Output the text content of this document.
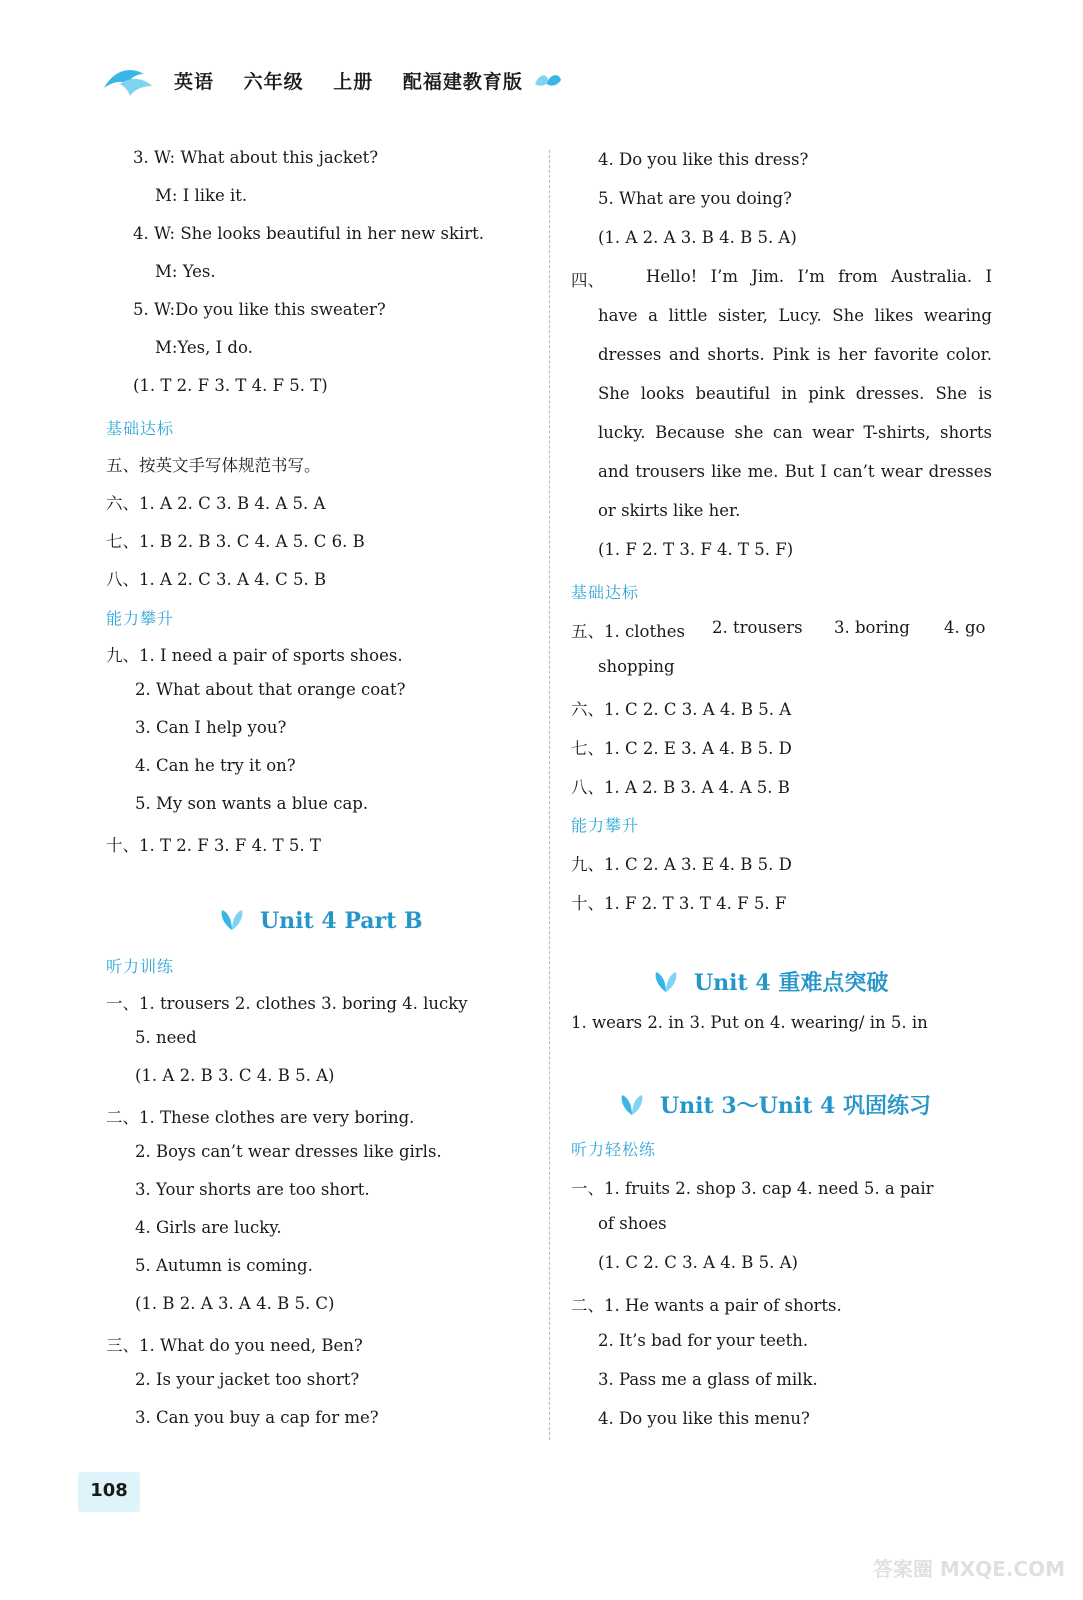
英语 六年级 上册 配福建教育版
3. W: What about this jacket?
M: I like it.
4. W: She looks beautiful in her new skirt.
M: Yes.
5. W:Do you like this sweater?
M:Yes, I do.
(1. T 2. F 3. T 4. F 5. T)
基础达标
五、按英文手写体规范书写。
六、1. A 2. C 3. B 4. A 5. A
七、1. B 2. B 3. C 4. A 5. C 6. B
八、1. A 2. C 3. A 4. C 5. B
能力攀升
九、1. I need a pair of sports shoes.
2. What about that orange coat?
3. Can I help you?
4. Can he try it on?
5. My son wants a blue cap.
十、1. T 2. F 3. F 4. T 5. T
Unit 4 Part B
听力训练
一、1. trousers 2. clothes 3. boring 4. lucky
5. need
(1. A 2. B 3. C 4. B 5. A)
二、1. These clothes are very boring.
2. Boys can’t wear dresses like girls.
3. Your shorts are too short.
4. Girls are lucky.
5. Autumn is coming.
(1. B 2. A 3. A 4. B 5. C)
三、1. What do you need, Ben?
2. Is your jacket too short?
3. Can you buy a cap for me?
4. Do you like this dress?
5. What are you doing?
(1. A 2. A 3. B 4. B 5. A)
四、	Hello! I’m Jim. I’m from Australia. I
have a little sister, Lucy. She likes wearing
dresses and shorts. Pink is her favorite color.
She looks beautiful in pink dresses. She is
lucky. Because she can wear T-shirts, shorts
and trousers like me. But I can’t wear dresses
or skirts like her.
(1. F 2. T 3. F 4. T 5. F)
基础达标
五、1. clothes 2. trousers 3. boring 4. go
shopping
六、1. C 2. C 3. A 4. B 5. A
七、1. C 2. E 3. A 4. B 5. D
八、1. A 2. B 3. A 4. A 5. B
能力攀升
九、1. C 2. A 3. E 4. B 5. D
十、1. F 2. T 3. T 4. F 5. F
Unit 4 重难点突破
1. wears 2. in 3. Put on 4. wearing/ in 5. in
Unit 3～Unit 4 巩固练习
听力轻松练
一、1. fruits 2. shop 3. cap 4. need 5. a pair
of shoes
(1. C 2. C 3. A 4. B 5. A)
二、1. He wants a pair of shorts.
2. It’s bad for your teeth.
3. Pass me a glass of milk.
4. Do you like this menu?
108
答案圈 MXQE.COM
